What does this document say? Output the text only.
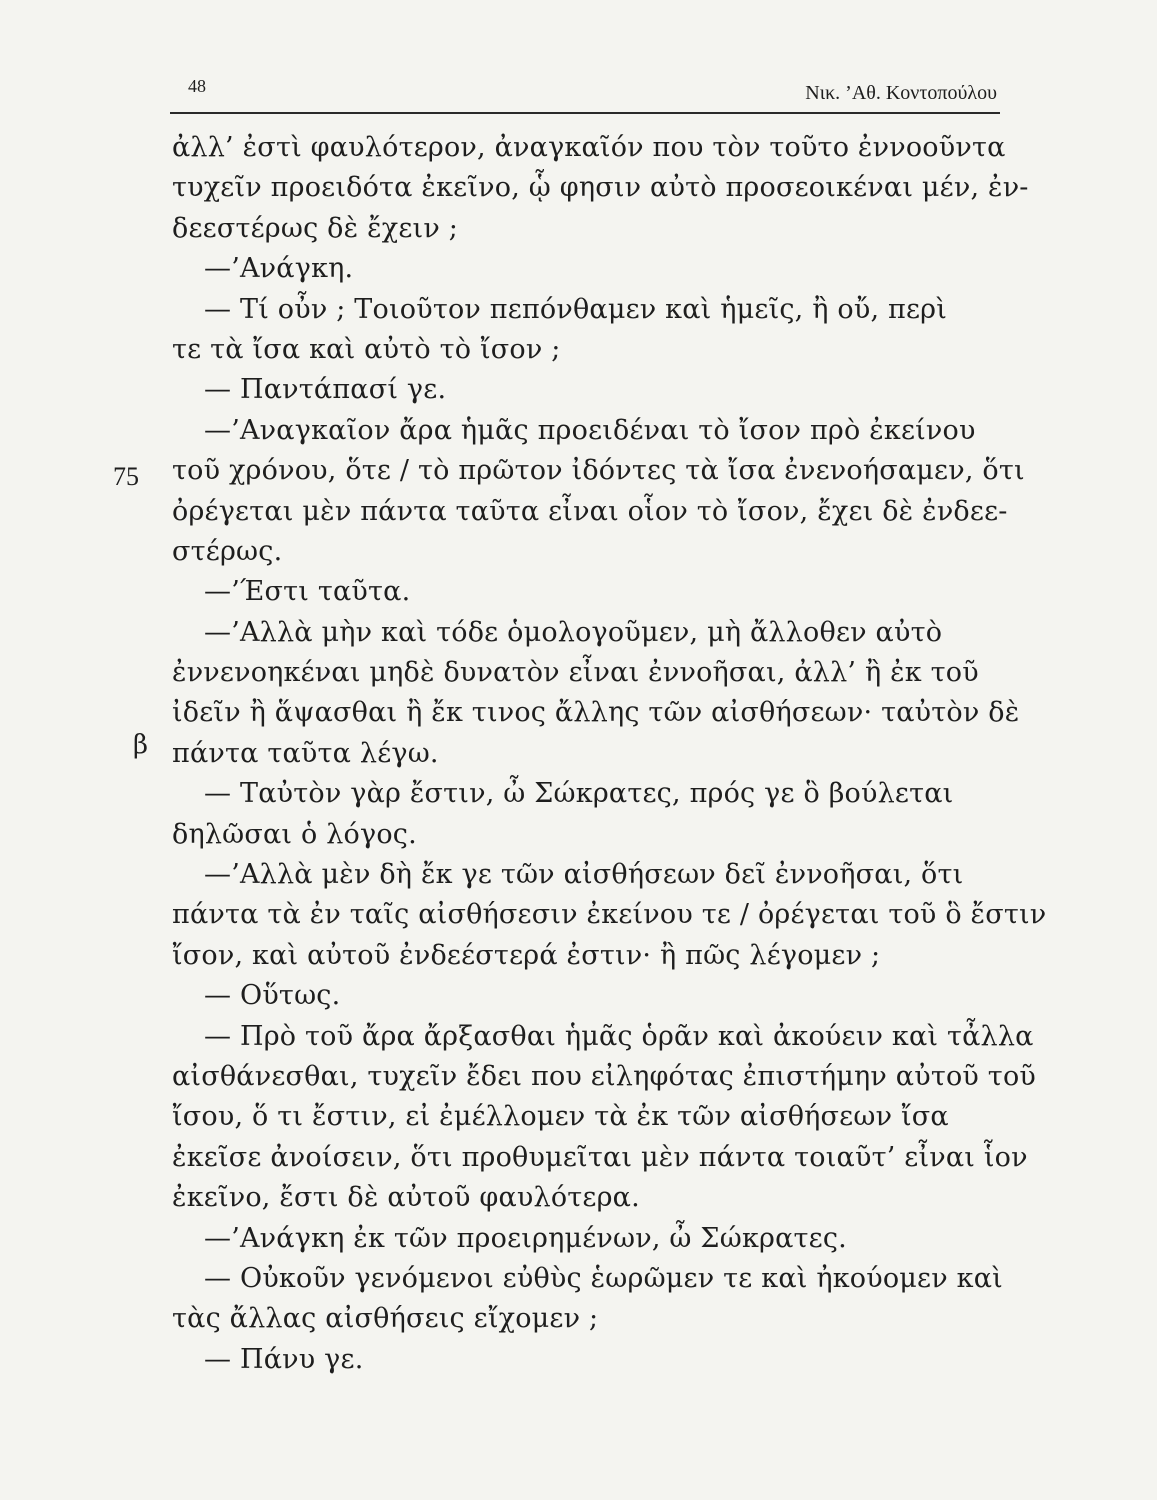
48	Νικ. ’Αθ. Κοντοπούλου
75
β
ἀλλ’ ἐστὶ φαυλότερον, ἀναγκαῖόν που τὸν τοῦτο ἐννοοῦντα
τυχεῖν προειδότα ἐκεῖνο, ᾧ φησιν αὐτὸ προσεοικέναι μέν, ἐν-
δεεστέρως δὲ ἔχειν ;
—’Ανάγκη.
— Τί οὖν ; Τοιοῦτον πεπόνθαμεν καὶ ἡμεῖς, ἢ οὔ, περὶ
τε τὰ ἴσα καὶ αὐτὸ τὸ ἴσον ;
— Παντάπασί γε.
—’Αναγκαῖον ἄρα ἡμᾶς προειδέναι τὸ ἴσον πρὸ ἐκείνου
τοῦ χρόνου, ὅτε / τὸ πρῶτον ἰδόντες τὰ ἴσα ἐνενοήσαμεν, ὅτι
ὀρέγεται μὲν πάντα ταῦτα εἶναι οἷον τὸ ἴσον, ἔχει δὲ ἐνδεε-
στέρως.
—’Έστι ταῦτα.
—’Αλλὰ μὴν καὶ τόδε ὁμολογοῦμεν, μὴ ἄλλοθεν αὐτὸ
ἐννενοηκέναι μηδὲ δυνατὸν εἶναι ἐννοῆσαι, ἀλλ’ ἢ ἐκ τοῦ
ἰδεῖν ἢ ἅψασθαι ἢ ἔκ τινος ἄλλης τῶν αἰσθήσεων· ταὐτὸν δὲ
πάντα ταῦτα λέγω.
— Ταὐτὸν γὰρ ἔστιν, ὦ Σώκρατες, πρός γε ὃ βούλεται
δηλῶσαι ὁ λόγος.
—’Αλλὰ μὲν δὴ ἔκ γε τῶν αἰσθήσεων δεῖ ἐννοῆσαι, ὅτι
πάντα τὰ ἐν ταῖς αἰσθήσεσιν ἐκείνου τε / ὀρέγεται τοῦ ὃ ἔστιν
ἴσον, καὶ αὐτοῦ ἐνδεέστερά ἐστιν· ἢ πῶς λέγομεν ;
— Οὕτως.
— Πρὸ τοῦ ἄρα ἄρξασθαι ἡμᾶς ὁρᾶν καὶ ἀκούειν καὶ τἆλλα
αἰσθάνεσθαι, τυχεῖν ἔδει που εἰληφότας ἐπιστήμην αὐτοῦ τοῦ
ἴσου, ὅ τι ἔστιν, εἰ ἐμέλλομεν τὰ ἐκ τῶν αἰσθήσεων ἴσα
ἐκεῖσε ἀνοίσειν, ὅτι προθυμεῖται μὲν πάντα τοιαῦτ’ εἶναι ἷον
ἐκεῖνο, ἔστι δὲ αὐτοῦ φαυλότερα.
—’Ανάγκη ἐκ τῶν προειρημένων, ὦ Σώκρατες.
— Οὐκοῦν γενόμενοι εὐθὺς ἑωρῶμεν τε καὶ ἠκούομεν καὶ
τὰς ἄλλας αἰσθήσεις εἴχομεν ;
— Πάνυ γε.
